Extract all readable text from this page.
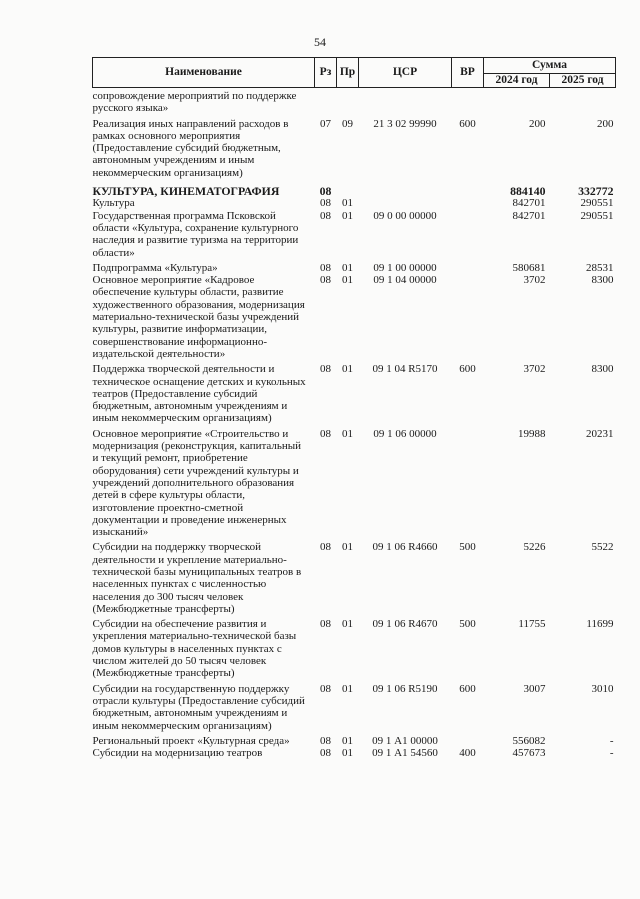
54
Наименование	Рз	Пр	ЦСР	ВР	Сумма	
					2024 год	2025 год
сопровождение мероприятий по поддержке русского языка»						
Реализация иных направлений расходов в рамках основного мероприятия (Предоставление субсидий бюджетным, автономным учреждениям и иным некоммерческим организациям)	07	09	21 3 02 99990	600	200	200
КУЛЬТУРА, КИНЕМАТОГРАФИЯ	08				884140	332772
Культура	08	01			842701	290551
Государственная программа Псковской области «Культура, сохранение культурного наследия и развитие туризма на территории области»	08	01	09 0 00 00000		842701	290551
Подпрограмма «Культура»	08	01	09 1 00 00000		580681	28531
Основное мероприятие «Кадровое обеспечение культуры области, развитие художественного образования, модернизация материально-технической базы учреждений культуры, развитие информатизации, совершенствование информационно-издательской деятельности»	08	01	09 1 04 00000		3702	8300
Поддержка творческой деятельности и техническое оснащение детских и кукольных театров (Предоставление субсидий бюджетным, автономным учреждениям и иным некоммерческим организациям)	08	01	09 1 04 R5170	600	3702	8300
Основное мероприятие «Строительство и модернизация (реконструкция, капитальный и текущий ремонт, приобретение оборудования) сети учреждений культуры и учреждений дополнительного образования детей в сфере культуры области, изготовление проектно-сметной документации и проведение инженерных изысканий»	08	01	09 1 06 00000		19988	20231
Субсидии на поддержку творческой деятельности и укрепление материально-технической базы муниципальных театров в населенных пунктах с численностью населения до 300 тысяч человек (Межбюджетные трансферты)	08	01	09 1 06 R4660	500	5226	5522
Субсидии на обеспечение развития и укрепления материально-технической базы домов культуры в населенных пунктах с числом жителей до 50 тысяч человек (Межбюджетные трансферты)	08	01	09 1 06 R4670	500	11755	11699
Субсидии на государственную поддержку отрасли культуры (Предоставление субсидий бюджетным, автономным учреждениям и иным некоммерческим организациям)	08	01	09 1 06 R5190	600	3007	3010
Региональный проект «Культурная среда»	08	01	09 1 А1 00000		556082	-
Субсидии на модернизацию театров	08	01	09 1 А1 54560	400	457673	-
